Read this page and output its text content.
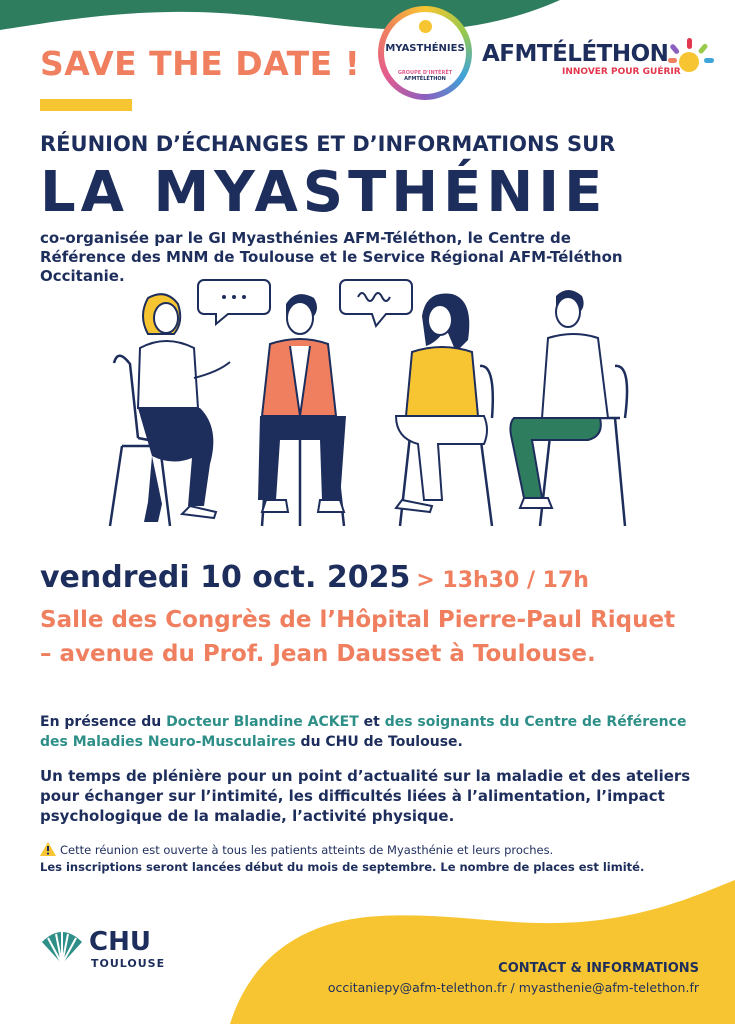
SAVE THE DATE !	MYASTHÉNIES
GROUPE D'INTÉRÊT
AFMTÉLÉTHON
AFMTÉLÉTHON
INNOVER POUR GUÉRIR
RÉUNION D’ÉCHANGES ET D’INFORMATIONS SUR
LA MYASTHÉNIE
co-organisée par le GI Myasthénies AFM-Téléthon, le Centre de Référence des MNM de Toulouse et le Service Régional AFM-Téléthon Occitanie.
vendredi 10 oct. 2025 > 13h30 / 17h
Salle des Congrès de l’Hôpital Pierre-Paul Riquet – avenue du Prof. Jean Dausset à Toulouse.
En présence du Docteur Blandine ACKET et des soignants du Centre de Référence des Maladies Neuro-Musculaires du CHU de Toulouse.
Un temps de plénière pour un point d’actualité sur la maladie et des ateliers pour échanger sur l’intimité, les difficultés liées à l’alimentation, l’impact psychologique de la maladie, l’activité physique.
Cette réunion est ouverte à tous les patients atteints de Myasthénie et leurs proches.
Les inscriptions seront lancées début du mois de septembre. Le nombre de places est limité.
CHU
TOULOUSE	CONTACT & INFORMATIONS
occitaniepy@afm-telethon.fr / myasthenie@afm-telethon.fr
